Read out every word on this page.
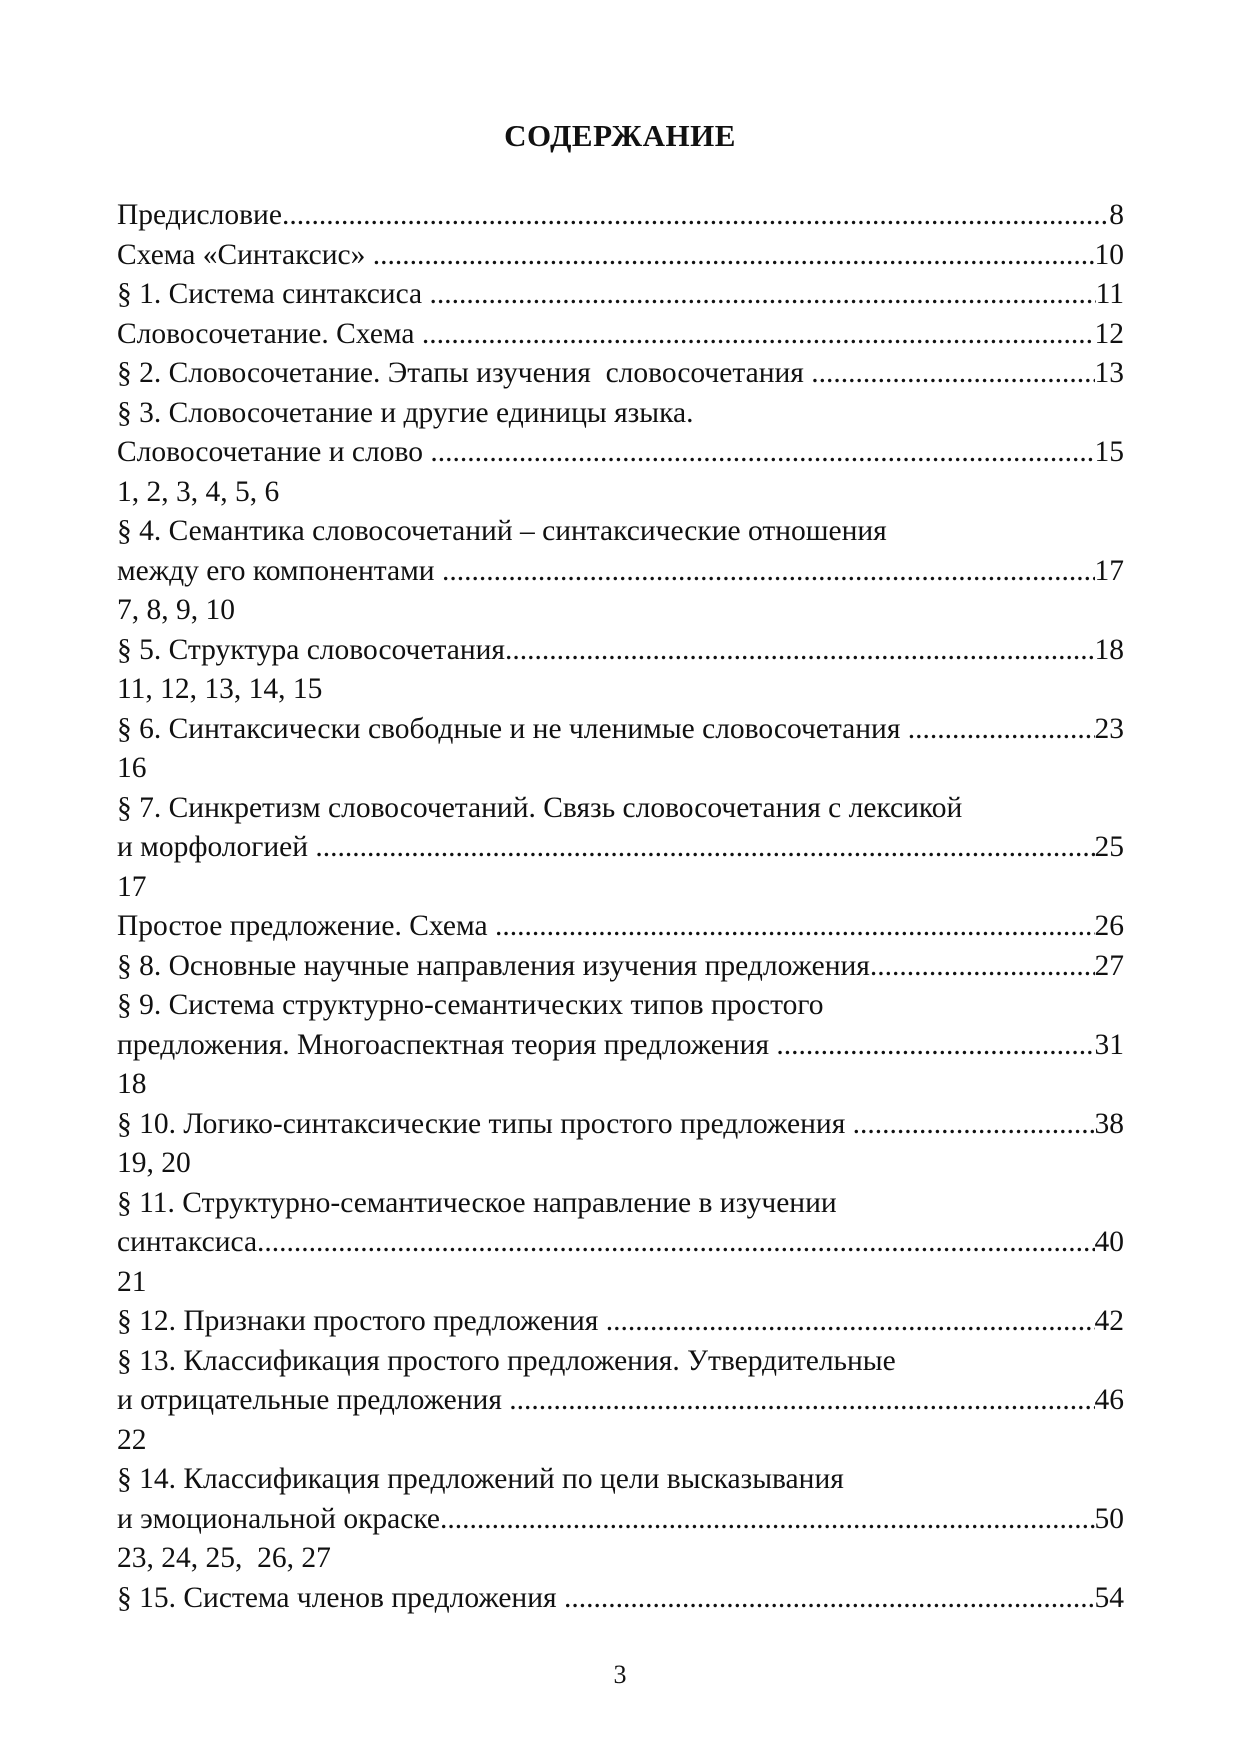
СОДЕРЖАНИЕ
Предисловие .....	8
Схема «Синтаксис» .....	10
§ 1. Система синтаксиса .....	11
Словосочетание. Схема .....	12
§ 2. Словосочетание. Этапы изучения  словосочетания .....	13
§ 3. Словосочетание и другие единицы языка.
Словосочетание и слово .....	15
1, 2, 3, 4, 5, 6
§ 4. Семантика словосочетаний – синтаксические отношения
между его компонентами .....	17
7, 8, 9, 10
§ 5. Структура словосочетания .....	18
11, 12, 13, 14, 15
§ 6. Синтаксически свободные и не членимые словосочетания .....	23
16
§ 7. Синкретизм словосочетаний. Связь словосочетания с лексикой
и морфологией .....	25
17
Простое предложение. Схема .....	26
§ 8. Основные научные направления изучения предложения .....	27
§ 9. Система структурно-семантических типов простого
предложения. Многоаспектная теория предложения .....	31
18
§ 10. Логико-синтаксические типы простого предложения .....	38
19, 20
§ 11. Структурно-семантическое направление в изучении
синтаксиса .....	40
21
§ 12. Признаки простого предложения .....	42
§ 13. Классификация простого предложения. Утвердительные
и отрицательные предложения .....	46
22
§ 14. Классификация предложений по цели высказывания
и эмоциональной окраске .....	50
23, 24, 25,  26, 27
§ 15. Система членов предложения .....	54
3
